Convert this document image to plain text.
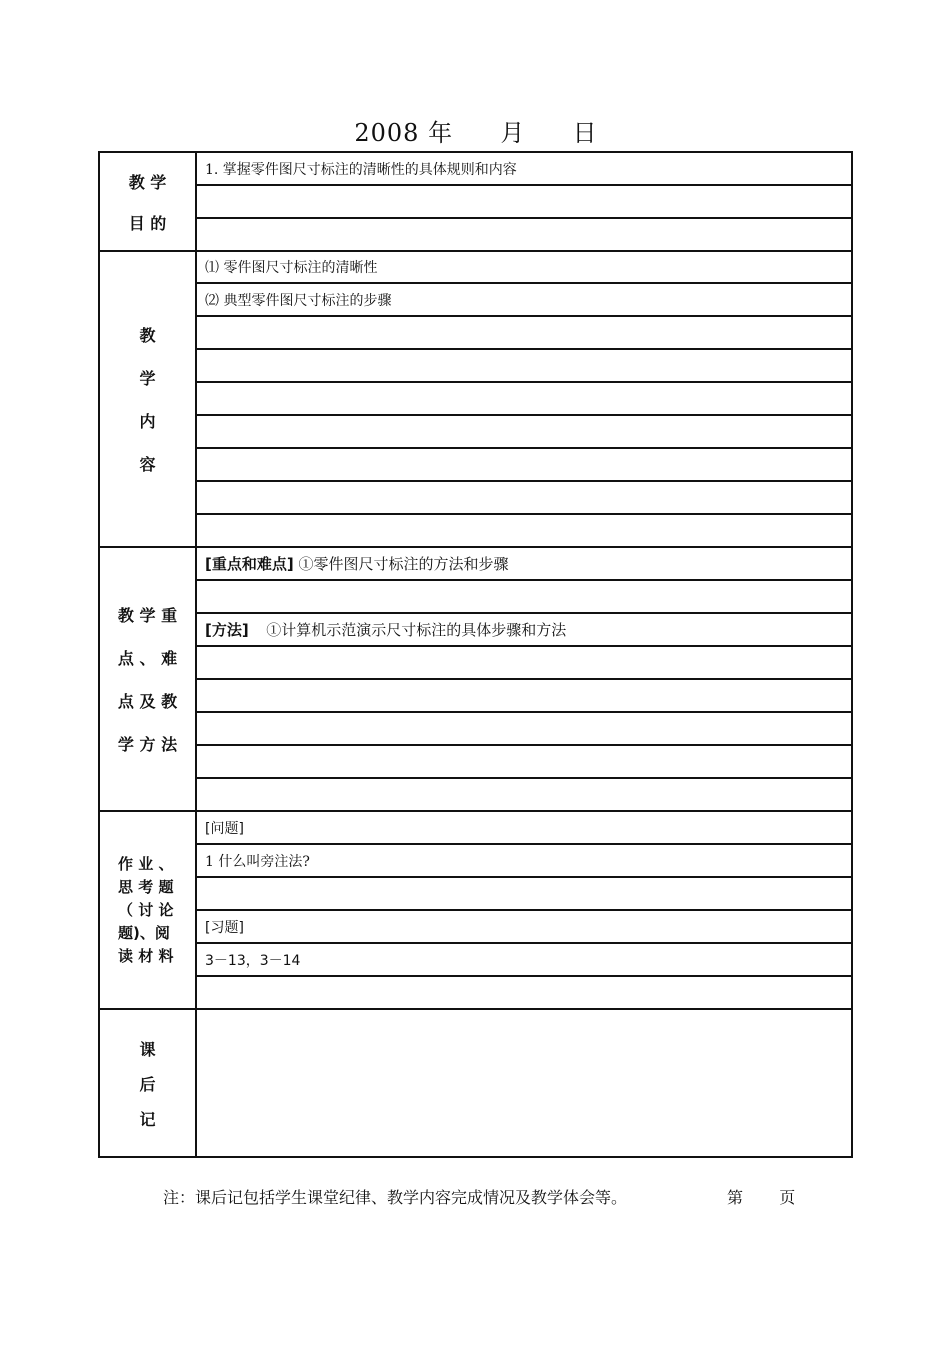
2008 年 月 日
教 学
目 的	1. 掌握零件图尺寸标注的清晰性的具体规则和内容

教
学
内
容	⑴ 零件图尺寸标注的清晰性
	⑵ 典型零件图尺寸标注的步骤

教 学 重
点 、 难
点 及 教
学 方 法	[重点和难点] ①零件图尺寸标注的方法和步骤

	[方法] ①计算机示范演示尺寸标注的具体步骤和方法

作 业 、
思 考 题
（ 讨 论
题)、阅
读 材 料	[问题]
	1 什么叫旁注法?

	[习题]
	3－13，3－14

课
后
记	

注：课后记包括学生课堂纪律、教学内容完成情况及教学体会等。	第 页
